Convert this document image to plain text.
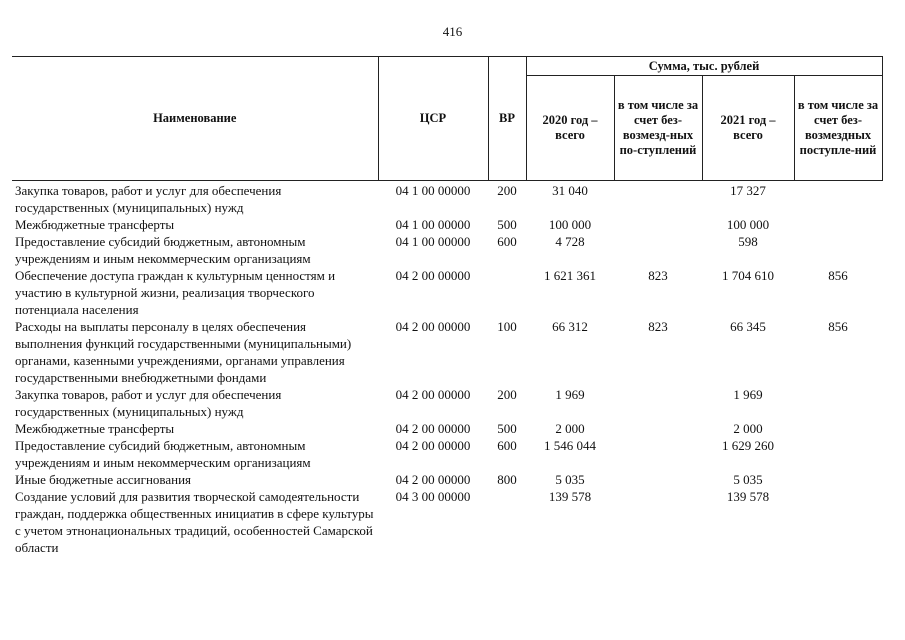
416
Наименование	ЦСР	ВР	Сумма, тыс. рублей			
			2020 год – всего	в том числе за счет без-возмезд-ных по-ступлений	2021 год – всего	в том числе за счет без-возмездных поступле-ний
Закупка товаров, работ и услуг для обеспечения государственных (муниципальных) нужд	04 1 00 00000	200	31 040		17 327	
Межбюджетные трансферты	04 1 00 00000	500	100 000		100 000	
Предоставление субсидий бюджетным, автономным учреждениям и иным некоммерческим организациям	04 1 00 00000	600	4 728		598	
Обеспечение доступа граждан к культурным ценностям и участию в культурной жизни, реализация творческого потенциала населения	04 2 00 00000		1 621 361	823	1 704 610	856
Расходы на выплаты персоналу в целях обеспечения выполнения функций государственными (муниципальными) органами, казенными учреждениями, органами управления государственными внебюджетными фондами	04 2 00 00000	100	66 312	823	66 345	856
Закупка товаров, работ и услуг для обеспечения государственных (муниципальных) нужд	04 2 00 00000	200	1 969		1 969	
Межбюджетные трансферты	04 2 00 00000	500	2 000		2 000	
Предоставление субсидий бюджетным, автономным учреждениям и иным некоммерческим организациям	04 2 00 00000	600	1 546 044		1 629 260	
Иные бюджетные ассигнования	04 2 00 00000	800	5 035		5 035	
Создание условий для развития творческой самодеятельности граждан, поддержка общественных инициатив в сфере культуры с учетом этнонациональных традиций, особенностей Самарской области	04 3 00 00000		139 578		139 578	
